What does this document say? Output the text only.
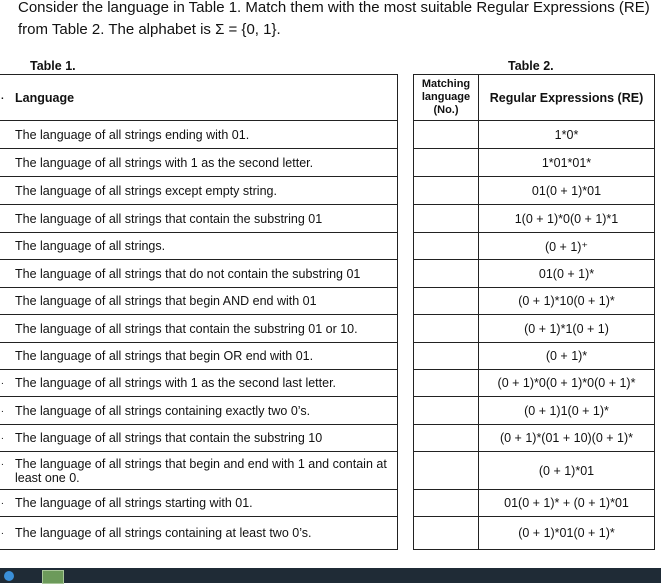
Consider the language in Table 1. Match them with the most suitable Regular Expressions (RE)
from Table 2. The alphabet is Σ = {0, 1}.
Table 1.	Table 2.
. Language
The language of all strings ending with 01.
The language of all strings with 1 as the second letter.
The language of all strings except empty string.
The language of all strings that contain the substring 01
The language of all strings.
The language of all strings that do not contain the substring 01
The language of all strings that begin AND end with 01
The language of all strings that contain the substring 01 or 10.
The language of all strings that begin OR end with 01.

. The language of all strings with 1 as the second last letter.

. The language of all strings containing exactly two 0’s.

. The language of all strings that contain the substring 10

. The language of all strings that begin and end with 1 and contain at least one 0.

. The language of all strings starting with 01.

. The language of all strings containing at least two 0’s.
Matching language (No.)	Regular Expressions (RE)
	1*0*
	1*01*01*
	01(0 + 1)*01
	1(0 + 1)*0(0 + 1)*1
	(0 + 1)⁺
	01(0 + 1)*
	(0 + 1)*10(0 + 1)*
	(0 + 1)*1(0 + 1)
	(0 + 1)*
	(0 + 1)*0(0 + 1)*0(0 + 1)*
	(0 + 1)1(0 + 1)*
	(0 + 1)*(01 + 10)(0 + 1)*
	(0 + 1)*01
	01(0 + 1)* + (0 + 1)*01
	(0 + 1)*01(0 + 1)*
